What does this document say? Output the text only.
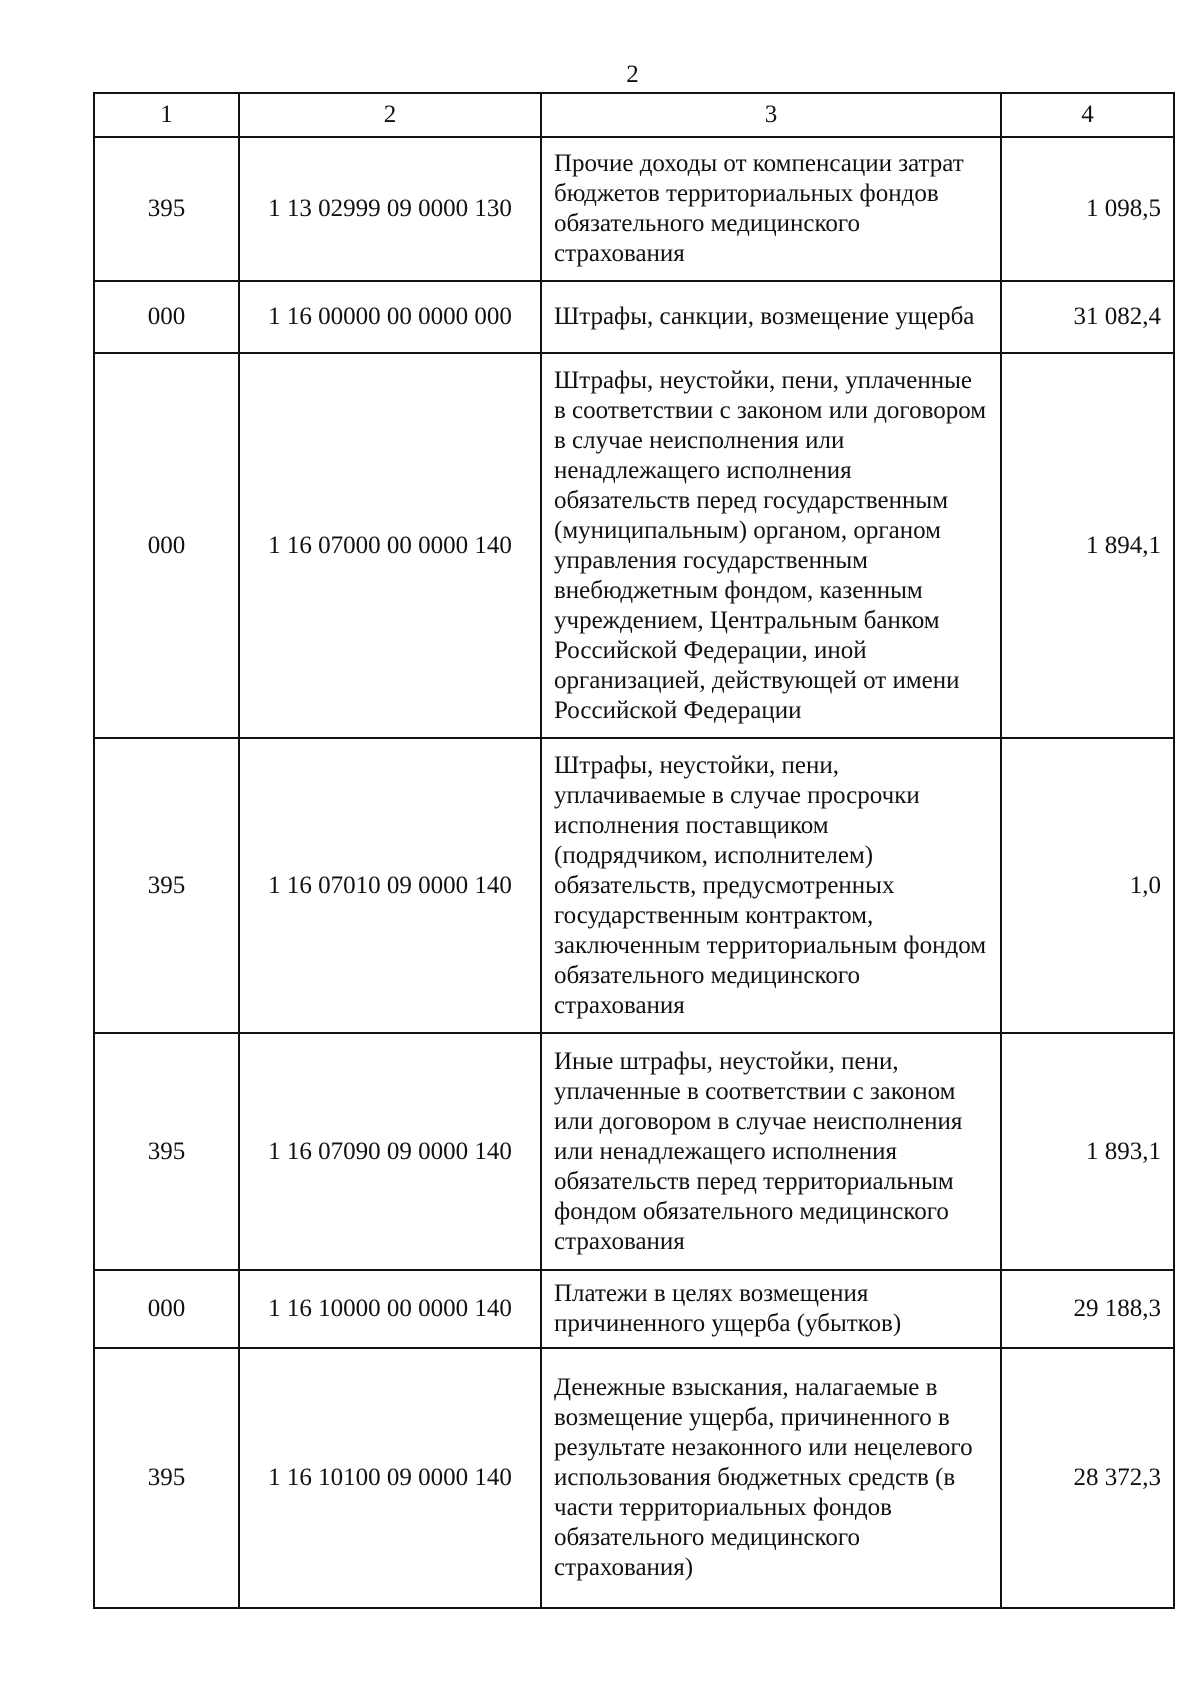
2
1	2	3	4
395	1 13 02999 09 0000 130	Прочие доходы от компенсации затрат бюджетов территориальных фондов обязательного медицинского страхования	1 098,5
000	1 16 00000 00 0000 000	Штрафы, санкции, возмещение ущерба	31 082,4
000	1 16 07000 00 0000 140	Штрафы, неустойки, пени, уплаченные в соответствии с законом или договором в случае неисполнения или ненадлежащего исполнения обязательств перед государственным (муниципальным) органом, органом управления государственным внебюджетным фондом, казенным учреждением, Центральным банком Российской Федерации, иной организацией, действующей от имени Российской Федерации	1 894,1
395	1 16 07010 09 0000 140	Штрафы, неустойки, пени, уплачиваемые в случае просрочки исполнения поставщиком (подрядчиком, исполнителем) обязательств, предусмотренных государственным контрактом, заключенным территориальным фондом обязательного медицинского страхования	1,0
395	1 16 07090 09 0000 140	Иные штрафы, неустойки, пени, уплаченные в соответствии с законом или договором в случае неисполнения или ненадлежащего исполнения обязательств перед территориальным фондом обязательного медицинского страхования	1 893,1
000	1 16 10000 00 0000 140	Платежи в целях возмещения причиненного ущерба (убытков)	29 188,3
395	1 16 10100 09 0000 140	Денежные взыскания, налагаемые в возмещение ущерба, причиненного в результате незаконного или нецелевого использования бюджетных средств (в части территориальных фондов обязательного медицинского страхования)	28 372,3
